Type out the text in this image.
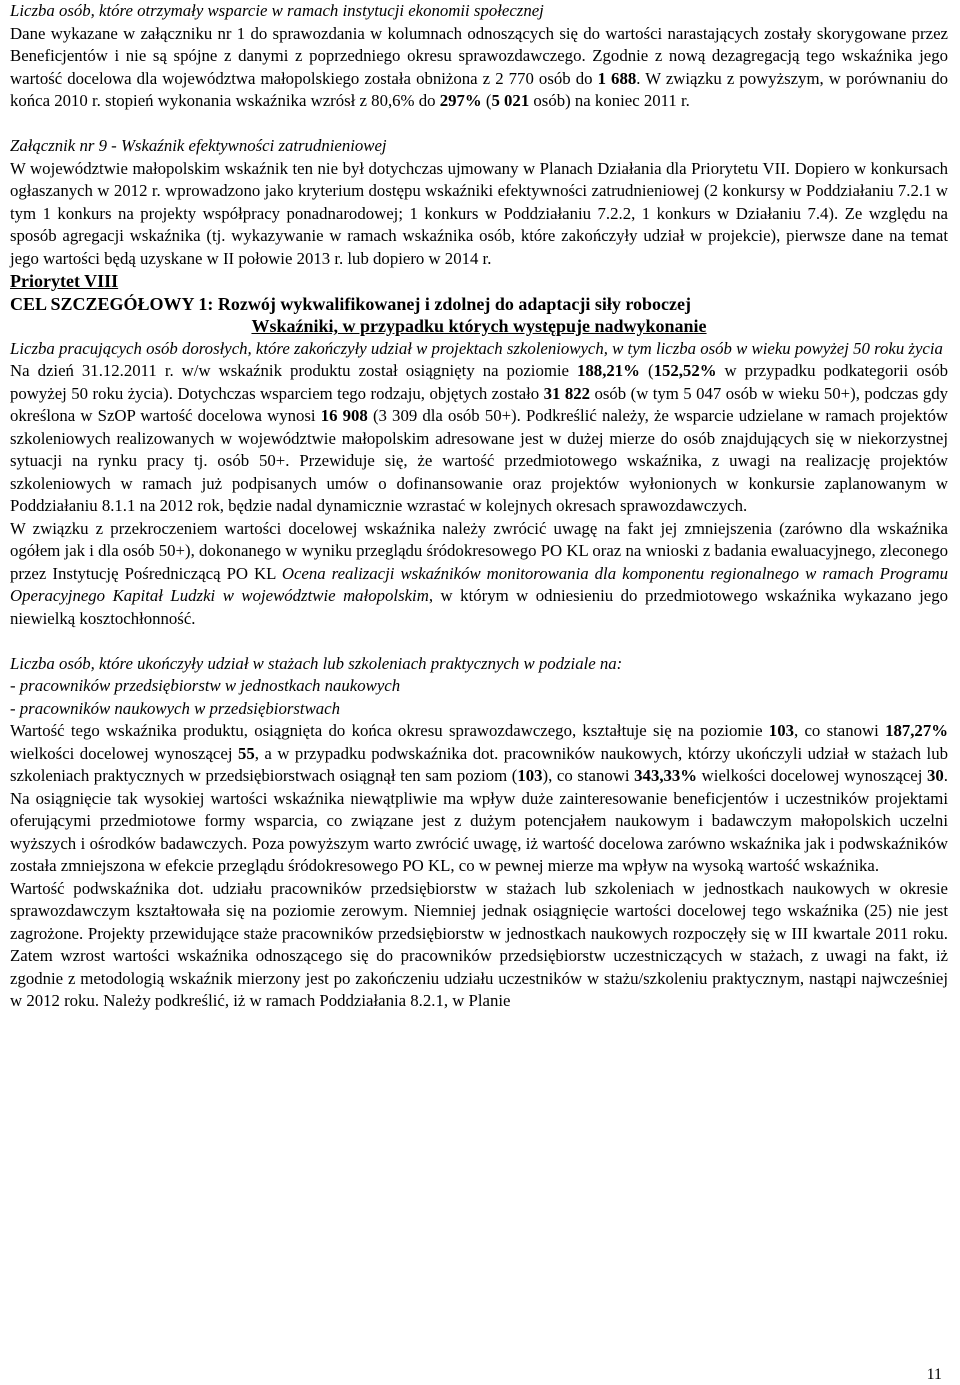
Liczba osób, które otrzymały wsparcie w ramach instytucji ekonomii społecznej

Dane wykazane w załączniku nr 1 do sprawozdania w kolumnach odnoszących się do wartości narastających zostały skorygowane przez Beneficjentów i nie są spójne z danymi z poprzedniego okresu sprawozdawczego. Zgodnie z nową dezagregacją tego wskaźnika jego wartość docelowa dla województwa małopolskiego została obniżona z 2 770 osób do 1 688. W związku z powyższym, w porównaniu do końca 2010 r. stopień wykonania wskaźnika wzrósł z 80,6% do 297% (5 021 osób) na koniec 2011 r.

Załącznik nr 9 - Wskaźnik efektywności zatrudnieniowej

W województwie małopolskim wskaźnik ten nie był dotychczas ujmowany w Planach Działania dla Priorytetu VII. Dopiero w konkursach ogłaszanych w 2012 r. wprowadzono jako kryterium dostępu wskaźniki efektywności zatrudnieniowej (2 konkursy w Poddziałaniu 7.2.1 w tym 1 konkurs na projekty współpracy ponadnarodowej; 1 konkurs w Poddziałaniu 7.2.2, 1 konkurs w Działaniu 7.4). Ze względu na sposób agregacji wskaźnika (tj. wykazywanie w ramach wskaźnika osób, które zakończyły udział w projekcie), pierwsze dane na temat jego wartości będą uzyskane w II połowie 2013 r. lub dopiero w 2014 r.

Priorytet VIII

CEL SZCZEGÓŁOWY 1: Rozwój wykwalifikowanej i zdolnej do adaptacji siły roboczej

Wskaźniki, w przypadku których występuje nadwykonanie

Liczba pracujących osób dorosłych, które zakończyły udział w projektach szkoleniowych, w tym liczba osób w wieku powyżej 50 roku życia

Na dzień 31.12.2011 r. w/w wskaźnik produktu został osiągnięty na poziomie 188,21% (152,52% w przypadku podkategorii osób powyżej 50 roku życia). Dotychczas wsparciem tego rodzaju, objętych zostało 31 822 osób (w tym 5 047 osób w wieku 50+), podczas gdy określona w SzOP wartość docelowa wynosi 16 908 (3 309 dla osób 50+). Podkreślić należy, że wsparcie udzielane w ramach projektów szkoleniowych realizowanych w województwie małopolskim adresowane jest w dużej mierze do osób znajdujących się w niekorzystnej sytuacji na rynku pracy tj. osób 50+. Przewiduje się, że wartość przedmiotowego wskaźnika, z uwagi na realizację projektów szkoleniowych w ramach już podpisanych umów o dofinansowanie oraz projektów wyłonionych w konkursie zaplanowanym w Poddziałaniu 8.1.1 na 2012 rok, będzie nadal dynamicznie wzrastać w kolejnych okresach sprawozdawczych.

W związku z przekroczeniem wartości docelowej wskaźnika należy zwrócić uwagę na fakt jej zmniejszenia (zarówno dla wskaźnika ogółem jak i dla osób 50+), dokonanego w wyniku przeglądu śródokresowego PO KL oraz na wnioski z badania ewaluacyjnego, zleconego przez Instytucję Pośredniczącą PO KL Ocena realizacji wskaźników monitorowania dla komponentu regionalnego w ramach Programu Operacyjnego Kapitał Ludzki w województwie małopolskim, w którym w odniesieniu do przedmiotowego wskaźnika wykazano jego niewielką kosztochłonność.

Liczba osób, które ukończyły udział w stażach lub szkoleniach praktycznych w podziale na:

- pracowników przedsiębiorstw w jednostkach naukowych

- pracowników naukowych w przedsiębiorstwach

Wartość tego wskaźnika produktu, osiągnięta do końca okresu sprawozdawczego, kształtuje się na poziomie 103, co stanowi 187,27% wielkości docelowej wynoszącej 55, a w przypadku podwskaźnika dot. pracowników naukowych, którzy ukończyli udział w stażach lub szkoleniach praktycznych w przedsiębiorstwach osiągnął ten sam poziom (103), co stanowi 343,33% wielkości docelowej wynoszącej 30. Na osiągnięcie tak wysokiej wartości wskaźnika niewątpliwie ma wpływ duże zainteresowanie beneficjentów i uczestników projektami oferującymi przedmiotowe formy wsparcia, co związane jest z dużym potencjałem naukowym i badawczym małopolskich uczelni wyższych i ośrodków badawczych. Poza powyższym warto zwrócić uwagę, iż wartość docelowa zarówno wskaźnika jak i podwskaźników została zmniejszona w efekcie przeglądu śródokresowego PO KL, co w pewnej mierze ma wpływ na wysoką wartość wskaźnika.

Wartość podwskaźnika dot. udziału pracowników przedsiębiorstw w stażach lub szkoleniach w jednostkach naukowych w okresie sprawozdawczym kształtowała się na poziomie zerowym. Niemniej jednak osiągnięcie wartości docelowej tego wskaźnika (25) nie jest zagrożone. Projekty przewidujące staże pracowników przedsiębiorstw w jednostkach naukowych rozpoczęły się w III kwartale 2011 roku. Zatem wzrost wartości wskaźnika odnoszącego się do pracowników przedsiębiorstw uczestniczących w stażach, z uwagi na fakt, iż zgodnie z metodologią wskaźnik mierzony jest po zakończeniu udziału uczestników w stażu/szkoleniu praktycznym, nastąpi najwcześniej w 2012 roku. Należy podkreślić, iż w ramach Poddziałania 8.2.1, w Planie

11
